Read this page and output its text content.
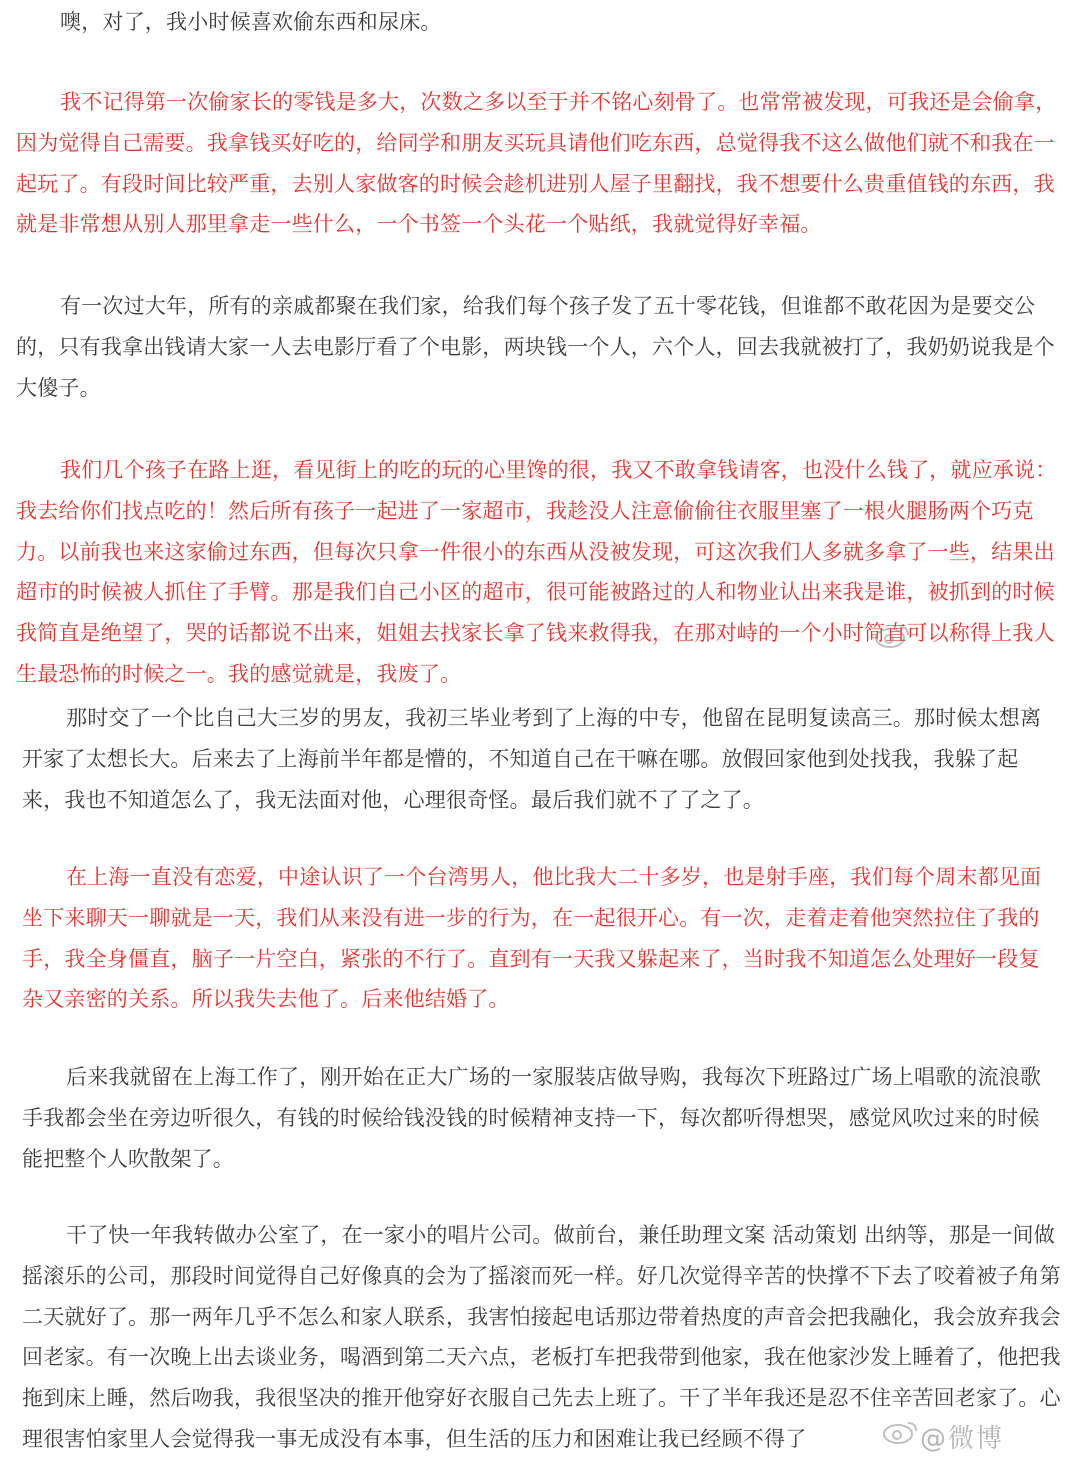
噢，对了，我小时候喜欢偷东西和尿床。

我不记得第一次偷家长的零钱是多大，次数之多以至于并不铭心刻骨了。也常常被发现，可我还是会偷拿，因为觉得自己需要。我拿钱买好吃的，给同学和朋友买玩具请他们吃东西，总觉得我不这么做他们就不和我在一起玩了。有段时间比较严重，去别人家做客的时候会趁机进别人屋子里翻找，我不想要什么贵重值钱的东西，我就是非常想从别人那里拿走一些什么，一个书签一个头花一个贴纸，我就觉得好幸福。

有一次过大年，所有的亲戚都聚在我们家，给我们每个孩子发了五十零花钱，但谁都不敢花因为是要交公的，只有我拿出钱请大家一人去电影厅看了个电影，两块钱一个人，六个人，回去我就被打了，我奶奶说我是个大傻子。

我们几个孩子在路上逛，看见街上的吃的玩的心里馋的很，我又不敢拿钱请客，也没什么钱了，就应承说：我去给你们找点吃的！然后所有孩子一起进了一家超市，我趁没人注意偷偷往衣服里塞了一根火腿肠两个巧克力。以前我也来这家偷过东西，但每次只拿一件很小的东西从没被发现，可这次我们人多就多拿了一些，结果出超市的时候被人抓住了手臂。那是我们自己小区的超市，很可能被路过的人和物业认出来我是谁，被抓到的时候我简直是绝望了，哭的话都说不出来，姐姐去找家长拿了钱来救得我，在那对峙的一个小时简直可以称得上我人生最恐怖的时候之一。我的感觉就是，我废了。

那时交了一个比自己大三岁的男友，我初三毕业考到了上海的中专，他留在昆明复读高三。那时候太想离开家了太想长大。后来去了上海前半年都是懵的，不知道自己在干嘛在哪。放假回家他到处找我，我躲了起来，我也不知道怎么了，我无法面对他，心理很奇怪。最后我们就不了了之了。

在上海一直没有恋爱，中途认识了一个台湾男人，他比我大二十多岁，也是射手座，我们每个周末都见面坐下来聊天一聊就是一天，我们从来没有进一步的行为，在一起很开心。有一次，走着走着他突然拉住了我的手，我全身僵直，脑子一片空白，紧张的不行了。直到有一天我又躲起来了，当时我不知道怎么处理好一段复杂又亲密的关系。所以我失去他了。后来他结婚了。

后来我就留在上海工作了，刚开始在正大广场的一家服装店做导购，我每次下班路过广场上唱歌的流浪歌手我都会坐在旁边听很久，有钱的时候给钱没钱的时候精神支持一下，每次都听得想哭，感觉风吹过来的时候能把整个人吹散架了。

干了快一年我转做办公室了，在一家小的唱片公司。做前台，兼任助理文案 活动策划 出纳等，那是一间做摇滚乐的公司，那段时间觉得自己好像真的会为了摇滚而死一样。好几次觉得辛苦的快撑不下去了咬着被子角第二天就好了。那一两年几乎不怎么和家人联系，我害怕接起电话那边带着热度的声音会把我融化，我会放弃我会回老家。有一次晚上出去谈业务，喝酒到第二天六点，老板打车把我带到他家，我在他家沙发上睡着了，他把我拖到床上睡，然后吻我，我很坚决的推开他穿好衣服自己先去上班了。干了半年我还是忍不住辛苦回老家了。心理很害怕家里人会觉得我一事无成没有本事，但生活的压力和困难让我已经顾不得了	@微博
